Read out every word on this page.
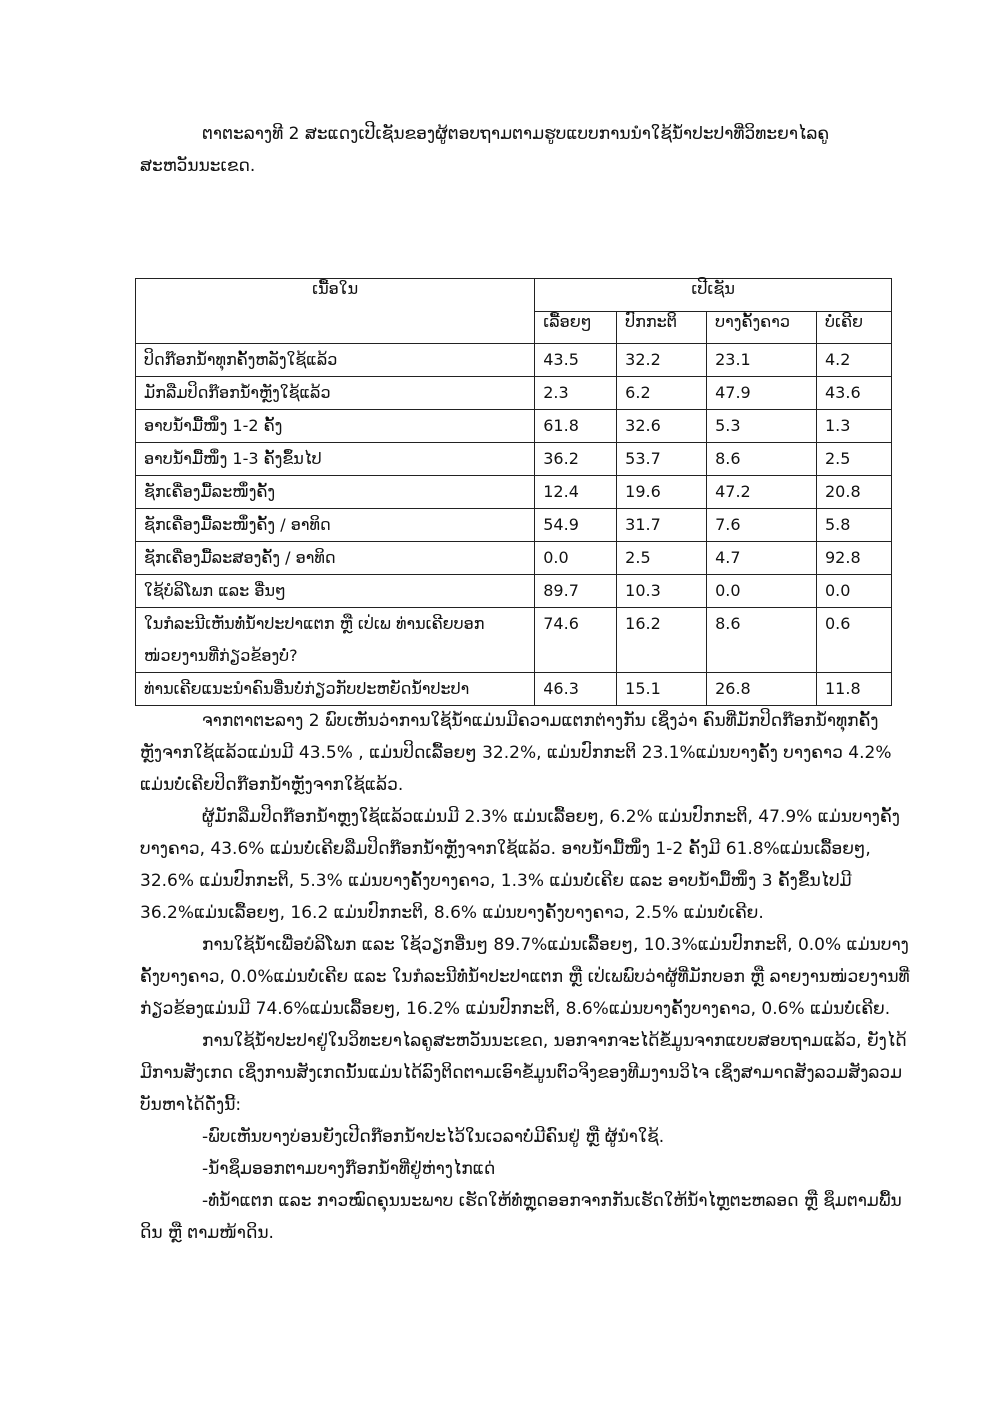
ຕາຕະລາງທີ 2 ສະແດງເປີເຊັນຂອງຜູ້ຕອບຖາມຕາມຮູບແບບການນຳໃຊ້ນ້ຳປະປາທີ່ວິທະຍາໄລຄູ
ສະຫວັນນະເຂດ.

ເນື້ອໃນ	ເປີເຊັນ			
	ເລື້ອຍໆ	ປົກກະຕິ	ບາງຄັ້ງຄາວ	ບໍ່ເຄີຍ
ປິດກ໊ອກນ້ຳທຸກຄັ້ງຫລັງໃຊ້ແລ້ວ	43.5	32.2	23.1	4.2
ມັກລືມປິດກ໊ອກນ້ຳຫຼັງໃຊ້ແລ້ວ	2.3	6.2	47.9	43.6
ອາບນ້ຳມື້ໜຶ່ງ 1-2 ຄັ້ງ	61.8	32.6	5.3	1.3
ອາບນ້ຳມື້ໜຶ່ງ 1-3 ຄັ້ງຂຶ້ນໄປ	36.2	53.7	8.6	2.5
ຊັກເຄື່ອງມື້ລະໜຶ່ງຄັ້ງ	12.4	19.6	47.2	20.8
ຊັກເຄື່ອງມື້ລະໜຶ່ງຄັ້ງ / ອາທິດ	54.9	31.7	7.6	5.8
ຊັກເຄື່ອງມື້ລະສອງຄັ້ງ / ອາທິດ	0.0	2.5	4.7	92.8
ໃຊ້ບໍລິໂພກ ແລະ ອື່ນໆ	89.7	10.3	0.0	0.0

ໃນກໍລະນີເຫັນທໍ່ນ້ຳປະປາແຕກ ຫຼື ເປ່ເພ ທ່ານເຄີຍບອກ
ໜ່ວຍງານທີ່ກ່ຽວຂ້ອງບໍ່?	74.6	16.2	8.6	0.6
ທ່ານເຄີຍແນະນຳຄົນອື່ນບໍ່ກ່ຽວກັບປະຫຍັດນ້ຳປະປາ	46.3	15.1	26.8	11.8

ຈາກຕາຕະລາງ 2 ພົບເຫັນວ່າການໃຊ້ນ້ຳແມ່ນມີຄວາມແຕກຕ່າງກັນ ເຊິ່ງວ່າ ຄົນທີ່ມັກປິດກ໊ອກນ້ຳທຸກຄັ້ງຫຼັງຈາກໃຊ້ແລ້ວແມ່ນມີ 43.5% , ແມ່ນປິດເລື້ອຍໆ 32.2%, ແມ່ນປົກກະຕິ 23.1%ແມ່ນບາງຄັ້ງ ບາງຄາວ 4.2% ແມ່ນບໍ່ເຄີຍປິດກ໊ອກນ້ຳຫຼັງຈາກໃຊ້ແລ້ວ.

ຜູ້ມັກລືມປິດກ໊ອກນ້ຳຫຼງໃຊ້ແລ້ວແມ່ນມີ 2.3% ແມ່ນເລື້ອຍໆ, 6.2% ແມ່ນປົກກະຕິ, 47.9% ແມ່ນບາງຄັ້ງບາງຄາວ, 43.6% ແມ່ນບໍ່ເຄີຍລືມປິດກ໊ອກນ້ຳຫຼັງຈາກໃຊ້ແລ້ວ. ອາບນ້ຳມື້ໜຶ່ງ 1-2 ຄັ້ງມີ 61.8%ແມ່ນເລື້ອຍໆ, 32.6% ແມ່ນປົກກະຕິ, 5.3% ແມ່ນບາງຄັ້ງບາງຄາວ, 1.3% ແມ່ນບໍ່ເຄີຍ ແລະ ອາບນ້ຳມື້ໜຶ່ງ 3 ຄັ້ງຂຶ້ນໄປມີ 36.2%ແມ່ນເລື້ອຍໆ, 16.2 ແມ່ນປົກກະຕິ, 8.6% ແມ່ນບາງຄັ້ງບາງຄາວ, 2.5% ແມ່ນບໍ່ເຄີຍ.

ການໃຊ້ນ້ຳເພື່ອບໍລິໂພກ ແລະ ໃຊ້ວຽກອື່ນໆ 89.7%ແມ່ນເລື້ອຍໆ, 10.3%ແມ່ນປົກກະຕິ, 0.0% ແມ່ນບາງຄັ້ງບາງຄາວ, 0.0%ແມ່ນບໍ່ເຄີຍ ແລະ ໃນກໍລະນີທໍ່ນ້ຳປະປາແຕກ ຫຼື ເປ່ເພພົບວ່າຜູ້ທີ່ມັກບອກ ຫຼື ລາຍງານໜ່ວຍງານທີ່ກ່ຽວຂ້ອງແມ່ນມີ 74.6%ແມ່ນເລື້ອຍໆ, 16.2% ແມ່ນປົກກະຕິ, 8.6%ແມ່ນບາງຄັ້ງບາງຄາວ, 0.6% ແມ່ນບໍ່ເຄີຍ.

ການໃຊ້ນ້ຳປະປາຢູ່ໃນວິທະຍາໄລຄູສະຫວັນນະເຂດ, ນອກຈາກຈະໄດ້ຂໍ້ມູນຈາກແບບສອບຖາມແລ້ວ, ຍັງໄດ້ມີການສັງເກດ ເຊິ່ງການສັງເກດນັ້ນແມ່ນໄດ້ລົງຕິດຕາມເອົາຂໍ້ມູນຕົວຈິງຂອງທີມງານວິໄຈ ເຊິ່ງສາມາດສັງລວມສັງລວມບັນຫາໄດ້ດັ່ງນີ້:

-ພົບເຫັນບາງບ່ອນຍັງເປີດກ໊ອກນ້ຳປະໄວ້ໃນເວລາບໍ່ມີຄົນຢູ່ ຫຼື ຜູ້ນຳໃຊ້.

-ນ້ຳຊຶມອອກຕາມບາງກ໊ອກນ້ຳທີ່ຢູ່ຫ່າງໄກແດ່

-ທໍ່ນ້ຳແຕກ ແລະ ກາວໝົດຄຸນນະພາບ ເຮັດໃຫ້ທໍ່ຫຼຸດອອກຈາກກັນເຮັດໃຫ້ນ້ຳໄຫຼຕະຫລອດ ຫຼື ຊຶມຕາມພື້ນດິນ ຫຼື ຕາມໜ້າດິນ.
